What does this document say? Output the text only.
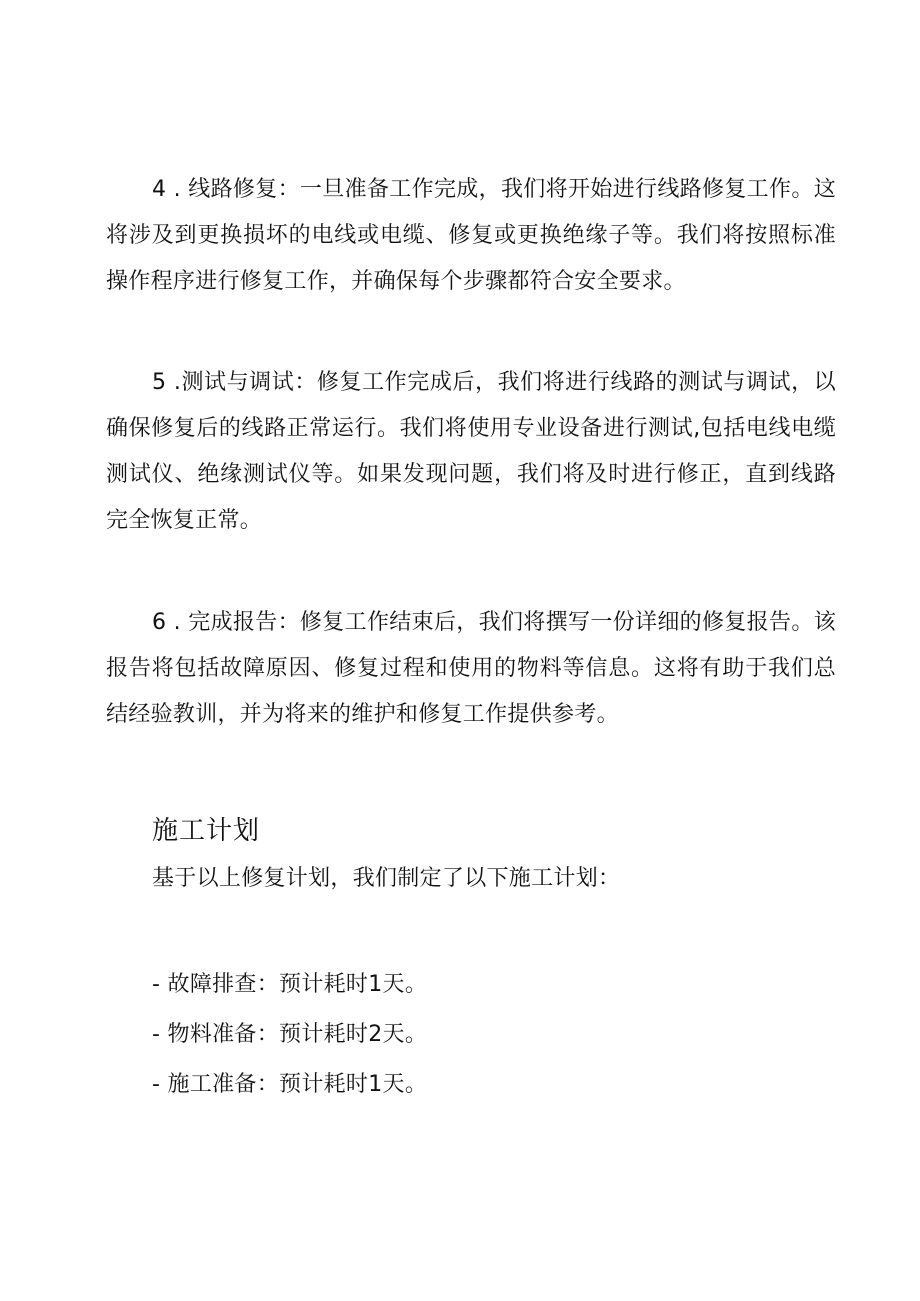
4 . 线路修复：一旦准备工作完成，我们将开始进行线路修复工作。这将涉及到更换损坏的电线或电缆、修复或更换绝缘子等。我们将按照标准操作程序进行修复工作，并确保每个步骤都符合安全要求。

5 .测试与调试：修复工作完成后，我们将进行线路的测试与调试，以确保修复后的线路正常运行。我们将使用专业设备进行测试,包括电线电缆测试仪、绝缘测试仪等。如果发现问题，我们将及时进行修正，直到线路完全恢复正常。

6 . 完成报告：修复工作结束后，我们将撰写一份详细的修复报告。该报告将包括故障原因、修复过程和使用的物料等信息。这将有助于我们总结经验教训，并为将来的维护和修复工作提供参考。

施工计划

基于以上修复计划，我们制定了以下施工计划：

- 故障排查：预计耗时1天。
- 物料准备：预计耗时2天。
- 施工准备：预计耗时1天。
